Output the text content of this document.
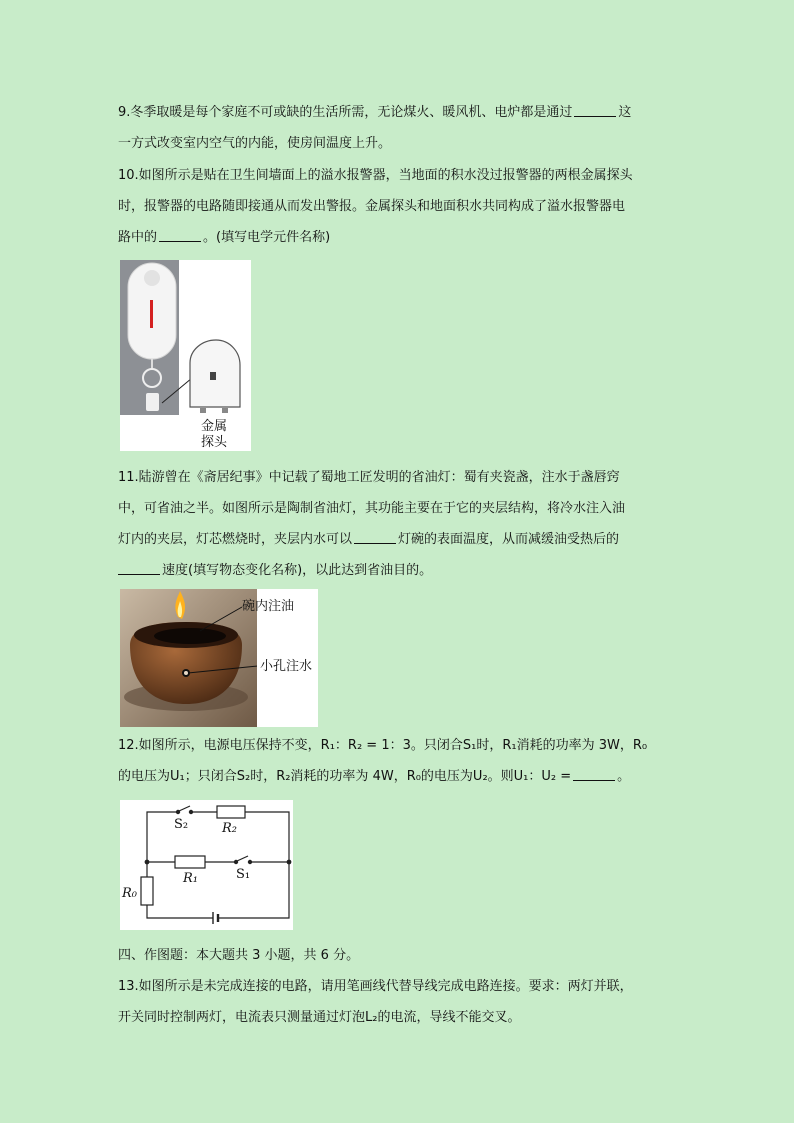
9.冬季取暖是每个家庭不可或缺的生活所需，无论煤火、暖风机、电炉都是通过	这
一方式改变室内空气的内能，使房间温度上升。
10.如图所示是贴在卫生间墙面上的溢水报警器，当地面的积水没过报警器的两根金属探头
时，报警器的电路随即接通从而发出警报。金属探头和地面积水共同构成了溢水报警器电
路中的	。(填写电学元件名称)
金属
探头
11.陆游曾在《斋居纪事》中记载了蜀地工匠发明的省油灯：蜀有夹瓷盏，注水于盏唇窍
中，可省油之半。如图所示是陶制省油灯，其功能主要在于它的夹层结构，将冷水注入油
灯内的夹层，灯芯燃烧时，夹层内水可以	灯碗的表面温度，从而减缓油受热后的
速度(填写物态变化名称)，以此达到省油目的。
碗内注油
小孔注水
12.如图所示，电源电压保持不变，R₁：R₂ = 1：3。只闭合S₁时，R₁消耗的功率为 3W，R₀
的电压为U₁；只闭合S₂时，R₂消耗的功率为 4W，R₀的电压为U₂。则U₁：U₂ =	。
S₂	R₂
R₁	S₁
R₀
四、作图题：本大题共 3 小题，共 6 分。
13.如图所示是未完成连接的电路，请用笔画线代替导线完成电路连接。要求：两灯并联，
开关同时控制两灯，电流表只测量通过灯泡L₂的电流，导线不能交叉。
